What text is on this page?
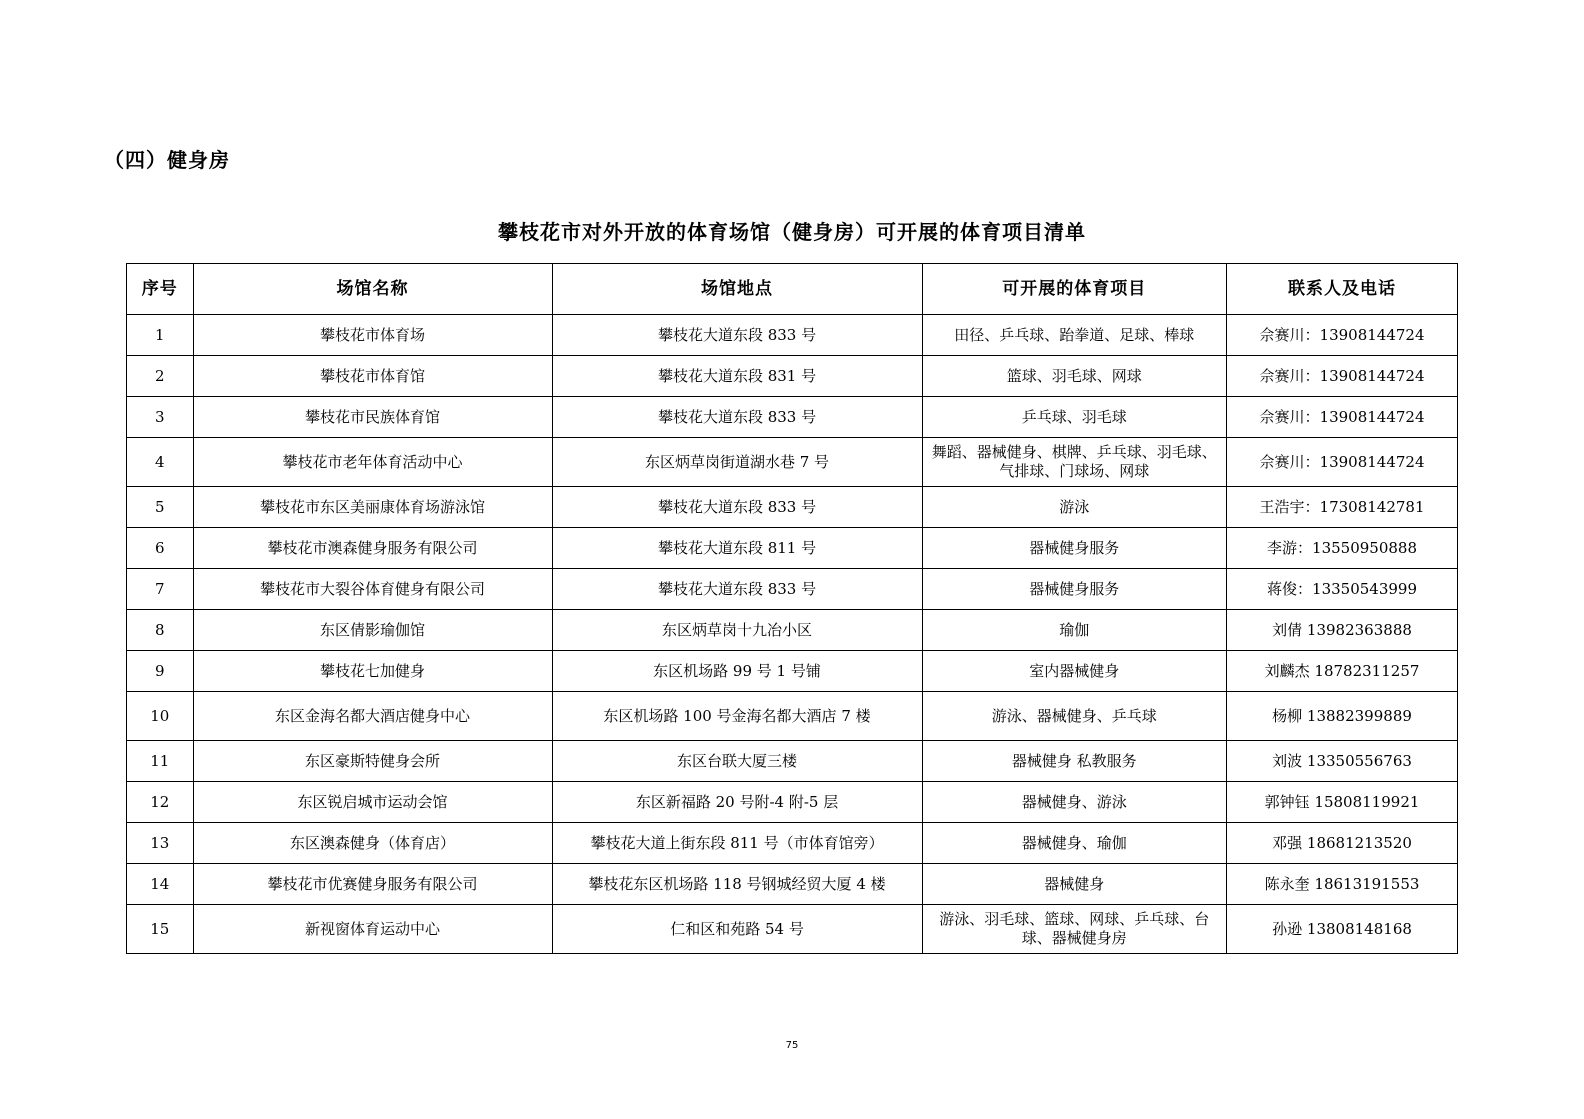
（四）健身房
攀枝花市对外开放的体育场馆（健身房）可开展的体育项目清单
序号	场馆名称	场馆地点	可开展的体育项目	联系人及电话
1	攀枝花市体育场	攀枝花大道东段 833 号	田径、乒乓球、跆拳道、足球、棒球	佘赛川：13908144724
2	攀枝花市体育馆	攀枝花大道东段 831 号	篮球、羽毛球、网球	佘赛川：13908144724
3	攀枝花市民族体育馆	攀枝花大道东段 833 号	乒乓球、羽毛球	佘赛川：13908144724
4	攀枝花市老年体育活动中心	东区炳草岗街道湖水巷 7 号	舞蹈、器械健身、棋牌、乒乓球、羽毛球、气排球、门球场、网球	佘赛川：13908144724
5	攀枝花市东区美丽康体育场游泳馆	攀枝花大道东段 833 号	游泳	王浩宇：17308142781
6	攀枝花市澳森健身服务有限公司	攀枝花大道东段 811 号	器械健身服务	李游：13550950888
7	攀枝花市大裂谷体育健身有限公司	攀枝花大道东段 833 号	器械健身服务	蒋俊：13350543999
8	东区倩影瑜伽馆	东区炳草岗十九冶小区	瑜伽	刘倩 13982363888
9	攀枝花七加健身	东区机场路 99 号 1 号铺	室内器械健身	刘麟杰 18782311257
10	东区金海名都大酒店健身中心	东区机场路 100 号金海名都大酒店 7 楼	游泳、器械健身、乒乓球	杨柳 13882399889
11	东区豪斯特健身会所	东区台联大厦三楼	器械健身 私教服务	刘波 13350556763
12	东区锐启城市运动会馆	东区新福路 20 号附-4 附-5 层	器械健身、游泳	郭钟钰 15808119921
13	东区澳森健身（体育店）	攀枝花大道上街东段 811 号（市体育馆旁）	器械健身、瑜伽	邓强 18681213520
14	攀枝花市优赛健身服务有限公司	攀枝花东区机场路 118 号钢城经贸大厦 4 楼	器械健身	陈永奎 18613191553
15	新视窗体育运动中心	仁和区和苑路 54 号	游泳、羽毛球、篮球、网球、乒乓球、台球、器械健身房	孙逊 13808148168
75
